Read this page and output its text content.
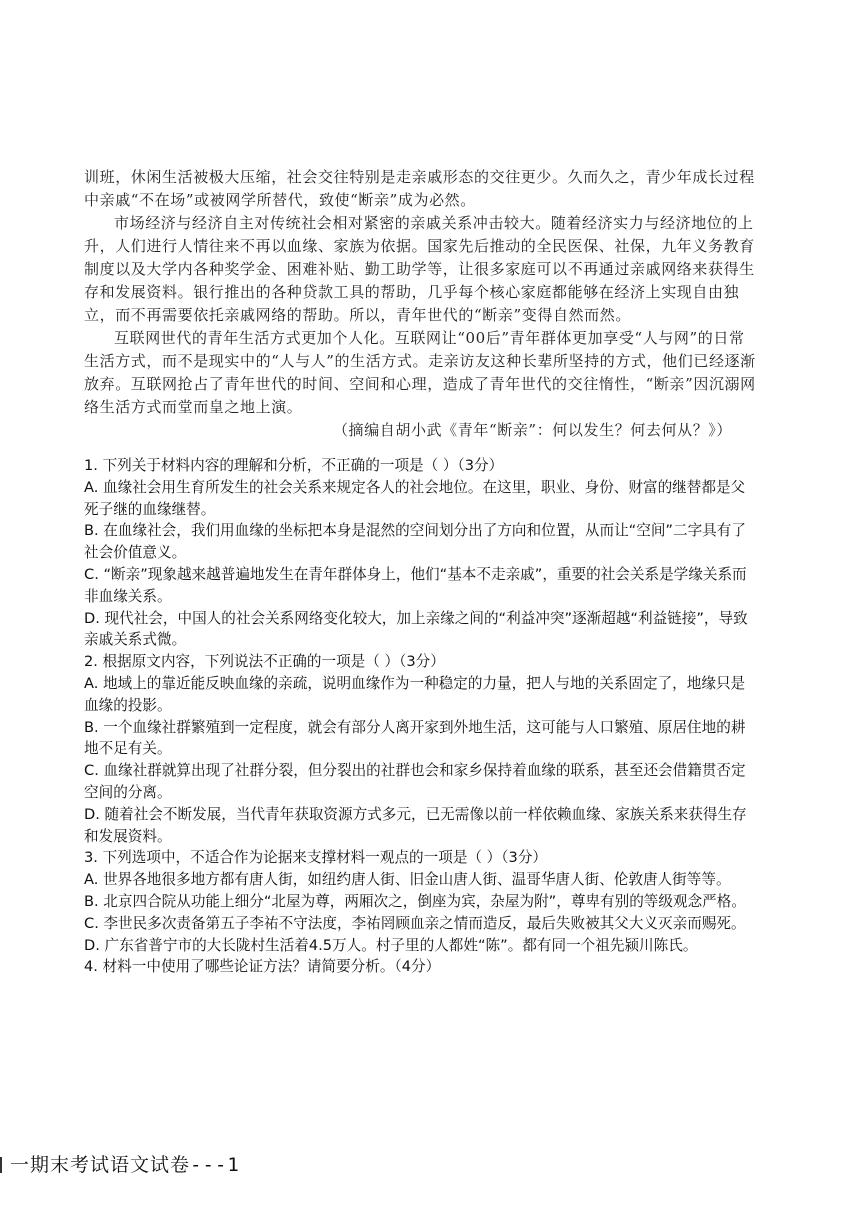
训班，休闲生活被极大压缩，社会交往特别是走亲戚形态的交往更少。久而久之，青少年成长过程中亲戚“不在场”或被网学所替代，致使“断亲”成为必然。

市场经济与经济自主对传统社会相对紧密的亲戚关系冲击较大。随着经济实力与经济地位的上升，人们进行人情往来不再以血缘、家族为依据。国家先后推动的全民医保、社保，九年义务教育制度以及大学内各种奖学金、困难补贴、勤工助学等，让很多家庭可以不再通过亲戚网络来获得生存和发展资料。银行推出的各种贷款工具的帮助，几乎每个核心家庭都能够在经济上实现自由独立，而不再需要依托亲戚网络的帮助。所以，青年世代的“断亲”变得自然而然。

互联网世代的青年生活方式更加个人化。互联网让“00后”青年群体更加享受“人与网”的日常生活方式，而不是现实中的“人与人”的生活方式。走亲访友这种长辈所坚持的方式，他们已经逐渐放弃。互联网抢占了青年世代的时间、空间和心理，造成了青年世代的交往惰性，“断亲”因沉溺网络生活方式而堂而皇之地上演。

（摘编自胡小武《青年“断亲”：何以发生？何去何从？》）

1. 下列关于材料内容的理解和分析，不正确的一项是（ ）（3分）

A. 血缘社会用生育所发生的社会关系来规定各人的社会地位。在这里，职业、身份、财富的继替都是父死子继的血缘继替。

B. 在血缘社会，我们用血缘的坐标把本身是混然的空间划分出了方向和位置，从而让“空间”二字具有了社会价值意义。

C. “断亲”现象越来越普遍地发生在青年群体身上，他们“基本不走亲戚”，重要的社会关系是学缘关系而非血缘关系。

D. 现代社会，中国人的社会关系网络变化较大，加上亲缘之间的“利益冲突”逐渐超越“利益链接”，导致亲戚关系式微。

2. 根据原文内容，下列说法不正确的一项是（ ）（3分）

A. 地域上的靠近能反映血缘的亲疏，说明血缘作为一种稳定的力量，把人与地的关系固定了，地缘只是血缘的投影。

B. 一个血缘社群繁殖到一定程度，就会有部分人离开家到外地生活，这可能与人口繁殖、原居住地的耕地不足有关。

C. 血缘社群就算出现了社群分裂，但分裂出的社群也会和家乡保持着血缘的联系，甚至还会借籍贯否定空间的分离。

D. 随着社会不断发展，当代青年获取资源方式多元，已无需像以前一样依赖血缘、家族关系来获得生存和发展资料。

3. 下列选项中，不适合作为论据来支撑材料一观点的一项是（ ）（3分）

A. 世界各地很多地方都有唐人街，如纽约唐人街、旧金山唐人街、温哥华唐人街、伦敦唐人街等等。

B. 北京四合院从功能上细分“北屋为尊，两厢次之，倒座为宾，杂屋为附”，尊卑有别的等级观念严格。

C. 李世民多次责备第五子李祐不守法度，李祐罔顾血亲之情而造反，最后失败被其父大义灭亲而赐死。

D. 广东省普宁市的大长陇村生活着4.5万人。村子里的人都姓“陈”。都有同一个祖先颍川陈氏。

4. 材料一中使用了哪些论证方法？请简要分析。（4分）

一期末考试语文试卷---1
